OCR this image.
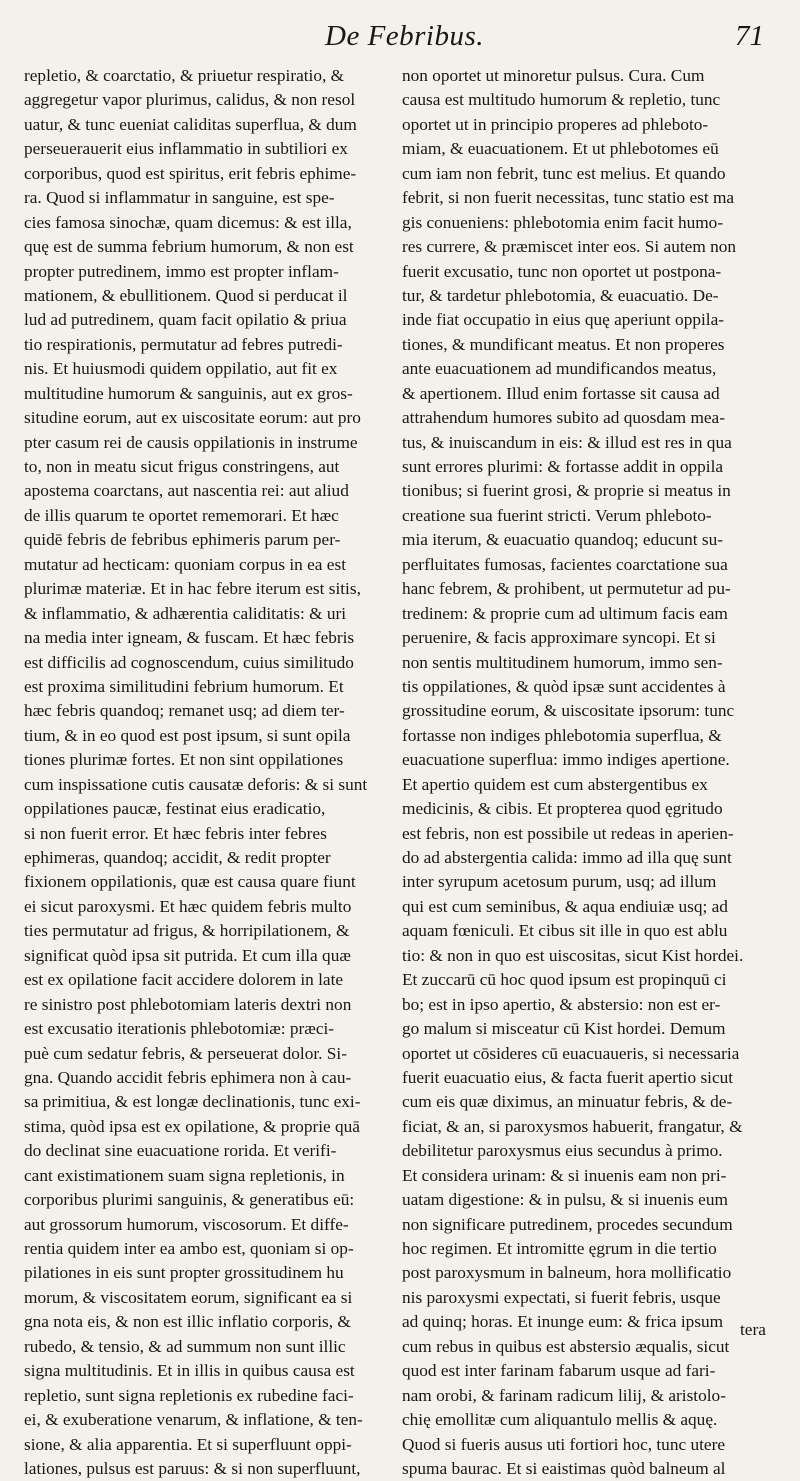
De Febribus.	71
repletio, & coarctatio, & priuetur respiratio, &
aggregetur vapor plurimus, calidus, & non resol
uatur, & tunc eueniat caliditas superflua, & dum
perseuerauerit eius inflammatio in subtiliori ex
corporibus, quod est spiritus, erit febris ephime-
ra. Quod si inflammatur in sanguine, est spe-
cies famosa sinochæ, quam dicemus: & est illa,
quę est de summa febrium humorum, & non est
propter putredinem, immo est propter inflam-
mationem, & ebullitionem. Quod si perducat il
lud ad putredinem, quam facit opilatio & priua
tio respirationis, permutatur ad febres putredi-
nis. Et huiusmodi quidem oppilatio, aut fit ex
multitudine humorum & sanguinis, aut ex gros-
situdine eorum, aut ex uiscositate eorum: aut pro
pter casum rei de causis oppilationis in instrume
to, non in meatu sicut frigus constringens, aut
apostema coarctans, aut nascentia rei: aut aliud
de illis quarum te oportet rememorari. Et hæc
quidē febris de febribus ephimeris parum per-
mutatur ad hecticam: quoniam corpus in ea est
plurimæ materiæ. Et in hac febre iterum est sitis,
& inflammatio, & adhærentia caliditatis: & uri
na media inter igneam, & fuscam. Et hæc febris
est difficilis ad cognoscendum, cuius similitudo
est proxima similitudini febrium humorum. Et
hæc febris quandoq; remanet usq; ad diem ter-
tium, & in eo quod est post ipsum, si sunt opila
tiones plurimæ fortes. Et non sint oppilationes
cum inspissatione cutis causatæ deforis: & si sunt
oppilationes paucæ, festinat eius eradicatio,
si non fuerit error. Et hæc febris inter febres
ephimeras, quandoq; accidit, & redit propter
fixionem oppilationis, quæ est causa quare fiunt
ei sicut paroxysmi. Et hæc quidem febris multo
ties permutatur ad frigus, & horripilationem, &
significat quòd ipsa sit putrida. Et cum illa quæ
est ex opilatione facit accidere dolorem in late
re sinistro post phlebotomiam lateris dextri non
est excusatio iterationis phlebotomiæ: præci-
puè cum sedatur febris, & perseuerat dolor. Si-
gna. Quando accidit febris ephimera non à cau-
sa primitiua, & est longæ declinationis, tunc exi-
stima, quòd ipsa est ex opilatione, & proprie quā
do declinat sine euacuatione rorida. Et verifi-
cant existimationem suam signa repletionis, in
corporibus plurimi sanguinis, & generatibus eū:
aut grossorum humorum, viscosorum. Et diffe-
rentia quidem inter ea ambo est, quoniam si op-
pilationes in eis sunt propter grossitudinem hu
morum, & viscositatem eorum, significant ea si
gna nota eis, & non est illic inflatio corporis, &
rubedo, & tensio, & ad summum non sunt illic
signa multitudinis. Et in illis in quibus causa est
repletio, sunt signa repletionis ex rubedine faci-
ei, & exuberatione venarum, & inflatione, & ten-
sione, & alia apparentia. Et si superfluunt oppi-
lationes, pulsus est paruus: & si non superfluunt,
non oportet ut minoretur pulsus. Cura. Cum
causa est multitudo humorum & repletio, tunc
oportet ut in principio properes ad phleboto-
miam, & euacuationem. Et ut phlebotomes eū
cum iam non febrit, tunc est melius. Et quando
febrit, si non fuerit necessitas, tunc statio est ma
gis conueniens: phlebotomia enim facit humo-
res currere, & præmiscet inter eos. Si autem non
fuerit excusatio, tunc non oportet ut postpona-
tur, & tardetur phlebotomia, & euacuatio. De-
inde fiat occupatio in eius quę aperiunt oppila-
tiones, & mundificant meatus. Et non properes
ante euacuationem ad mundificandos meatus,
& apertionem. Illud enim fortasse sit causa ad
attrahendum humores subito ad quosdam mea-
tus, & inuiscandum in eis: & illud est res in qua
sunt errores plurimi: & fortasse addit in oppila
tionibus; si fuerint grosi, & proprie si meatus in
creatione sua fuerint stricti. Verum phleboto-
mia iterum, & euacuatio quandoq; educunt su-
perfluitates fumosas, facientes coarctatione sua
hanc febrem, & prohibent, ut permutetur ad pu-
tredinem: & proprie cum ad ultimum facis eam
peruenire, & facis approximare syncopi. Et si
non sentis multitudinem humorum, immo sen-
tis oppilationes, & quòd ipsæ sunt accidentes à
grossitudine eorum, & uiscositate ipsorum: tunc
fortasse non indiges phlebotomia superflua, &
euacuatione superflua: immo indiges apertione.
Et apertio quidem est cum abstergentibus ex
medicinis, & cibis. Et propterea quod ęgritudo
est febris, non est possibile ut redeas in aperien-
do ad abstergentia calida: immo ad illa quę sunt
inter syrupum acetosum purum, usq; ad illum
qui est cum seminibus, & aqua endiuiæ usq; ad
aquam fœniculi. Et cibus sit ille in quo est ablu
tio: & non in quo est uiscositas, sicut Kist hordei.
Et zuccarū cū hoc quod ipsum est propinquū ci
bo; est in ipso apertio, & abstersio: non est er-
go malum si misceatur cū Kist hordei. Demum
oportet ut cōsideres cū euacuaueris, si necessaria
fuerit euacuatio eius, & facta fuerit apertio sicut
cum eis quæ diximus, an minuatur febris, & de-
ficiat, & an, si paroxysmos habuerit, frangatur, &
debilitetur paroxysmus eius secundus à primo.
Et considera urinam: & si inuenis eam non pri-
uatam digestione: & in pulsu, & si inuenis eum
non significare putredinem, procedes secundum
hoc regimen. Et intromitte ęgrum in die tertio
post paroxysmum in balneum, hora mollificatio
nis paroxysmi expectati, si fuerit febris, usque
ad quinq; horas. Et inunge eum: & frica ipsum
cum rebus in quibus est abstersio æqualis, sicut
quod est inter farinam fabarum usque ad fari-
nam orobi, & farinam radicum lilij, & aristolo-
chię emollitæ cum aliquantulo mellis & aquę.
Quod si fueris ausus uti fortiori hoc, tunc utere
spuma baurac. Et si eaistimas quòd balneum al
tera
